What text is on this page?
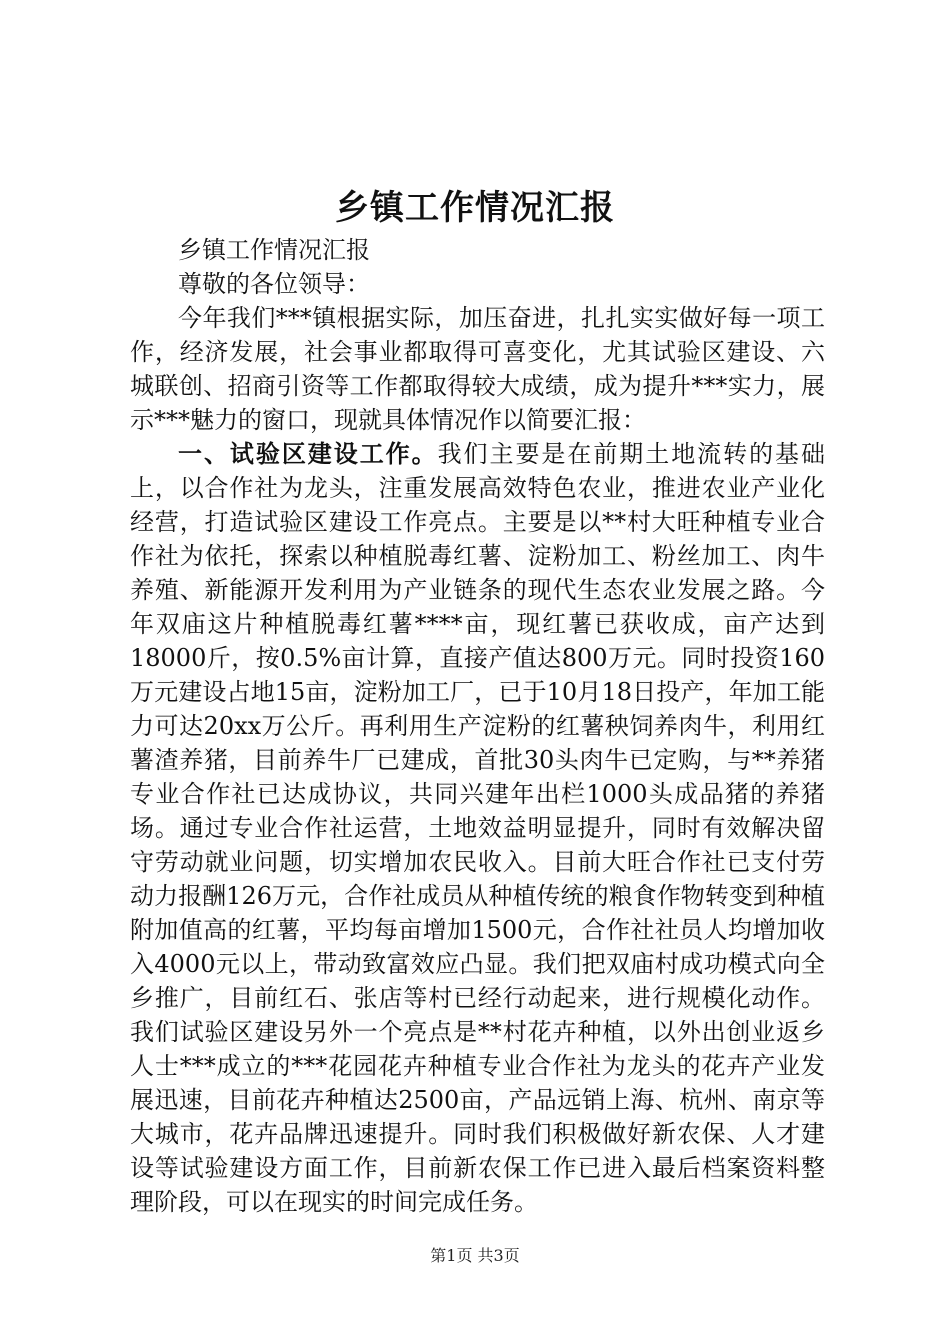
乡镇工作情况汇报

乡镇工作情况汇报

尊敬的各位领导：

今年我们***镇根据实际，加压奋进，扎扎实实做好每一项工作，经济发展，社会事业都取得可喜变化，尤其试验区建设、六城联创、招商引资等工作都取得较大成绩，成为提升***实力，展示***魅力的窗口，现就具体情况作以简要汇报：

一、试验区建设工作。我们主要是在前期土地流转的基础上，以合作社为龙头，注重发展高效特色农业，推进农业产业化经营，打造试验区建设工作亮点。主要是以**村大旺种植专业合作社为依托，探索以种植脱毒红薯、淀粉加工、粉丝加工、肉牛养殖、新能源开发利用为产业链条的现代生态农业发展之路。今年双庙这片种植脱毒红薯****亩，现红薯已获收成，亩产达到18000斤，按0.5%亩计算，直接产值达800万元。同时投资160万元建设占地15亩，淀粉加工厂，已于10月18日投产，年加工能力可达20xx万公斤。再利用生产淀粉的红薯秧饲养肉牛，利用红薯渣养猪，目前养牛厂已建成，首批30头肉牛已定购，与**养猪专业合作社已达成协议，共同兴建年出栏1000头成品猪的养猪场。通过专业合作社运营，土地效益明显提升，同时有效解决留守劳动就业问题，切实增加农民收入。目前大旺合作社已支付劳动力报酬126万元，合作社成员从种植传统的粮食作物转变到种植附加值高的红薯，平均每亩增加1500元，合作社社员人均增加收入4000元以上，带动致富效应凸显。我们把双庙村成功模式向全乡推广，目前红石、张店等村已经行动起来，进行规模化动作。我们试验区建设另外一个亮点是**村花卉种植，以外出创业返乡人士***成立的***花园花卉种植专业合作社为龙头的花卉产业发展迅速，目前花卉种植达2500亩，产品远销上海、杭州、南京等大城市，花卉品牌迅速提升。同时我们积极做好新农保、人才建设等试验建设方面工作，目前新农保工作已进入最后档案资料整理阶段，可以在现实的时间完成任务。

第1页 共3页
